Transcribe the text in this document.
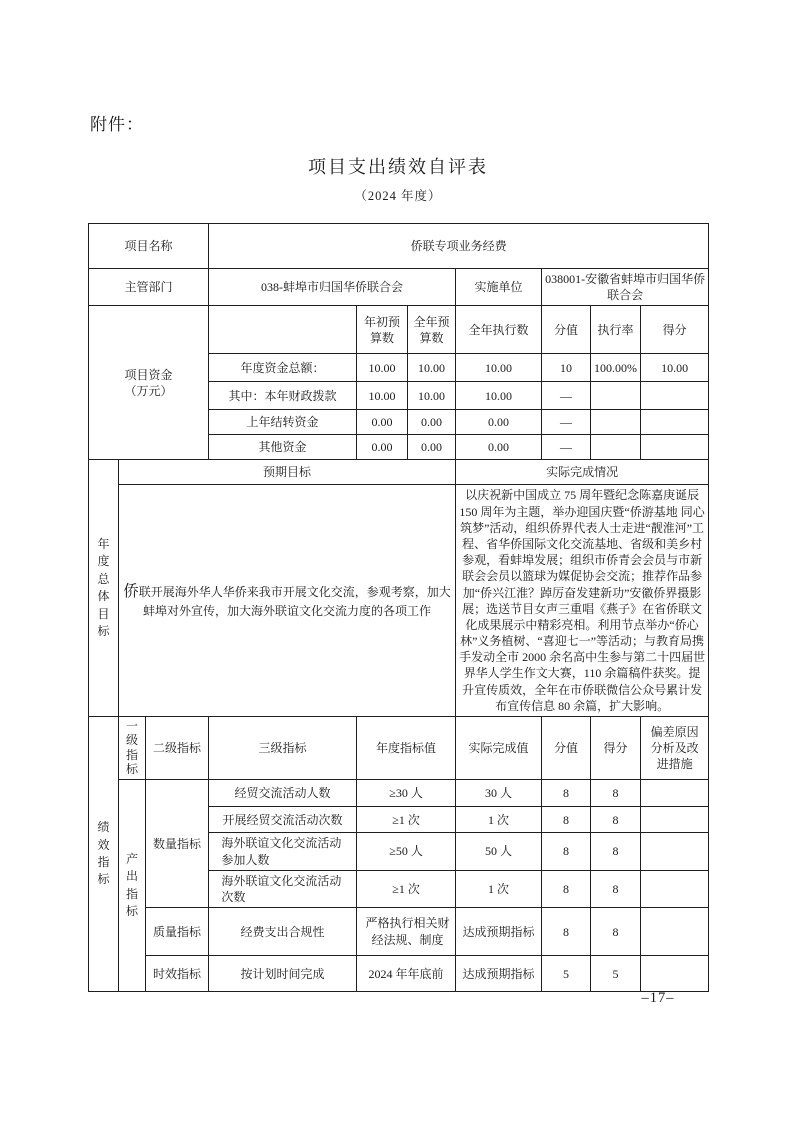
附件：
项目支出绩效自评表
（2024 年度）
项目名称			侨联专项业务经费						
主管部门			038-蚌埠市归国华侨联合会			实施单位	038001-安徽省蚌埠市归国华侨联合会		
项目资金（万元）				年初预算数	全年预算数	全年执行数	分值	执行率	得分
			年度资金总额：	10.00	10.00	10.00	10	100.00%	10.00
			其中：本年财政拨款	10.00	10.00	10.00	—		
			上年结转资金	0.00	0.00	0.00	—		
			其他资金	0.00	0.00	0.00	—		
年度总体目标	预期目标					实际完成情况			
	侨联开展海外华人华侨来我市开展文化交流，参观考察，加大蚌埠对外宣传，加大海外联谊文化交流力度的各项工作					以庆祝新中国成立 75 周年暨纪念陈嘉庚诞辰 150 周年为主题，举办迎国庆暨“侨游基地 同心筑梦”活动，组织侨界代表人士走进“靓淮河”工程、省华侨国际文化交流基地、省级和美乡村参观，看蚌埠发展；组织市侨青会会员与市新联会会员以篮球为媒促协会交流；推荐作品参加“侨兴江淮？踔厉奋发建新功”安徽侨界摄影展；选送节目女声三重唱《燕子》在省侨联文化成果展示中精彩亮相。利用节点举办“侨心林”义务植树、“喜迎七一”等活动；与教育局携手发动全市 2000 余名高中生参与第二十四届世界华人学生作文大赛，110 余篇稿件获奖。提升宣传质效，全年在市侨联微信公众号累计发布宣传信息 80 余篇，扩大影响。			
绩效指标	一级指标	二级指标	三级指标	年度指标值		实际完成值	分值	得分	偏差原因分析及改进措施
	产出指标	数量指标	经贸交流活动人数	≥30 人		30 人	8	8	
			开展经贸交流活动次数	≥1 次		1 次	8	8	
			海外联谊文化交流活动参加人数	≥50 人		50 人	8	8	
			海外联谊文化交流活动次数	≥1 次		1 次	8	8	
		质量指标	经费支出合规性	严格执行相关财经法规、制度		达成预期指标	8	8	
		时效指标	按计划时间完成	2024 年年底前		达成预期指标	5	5	
–17–
